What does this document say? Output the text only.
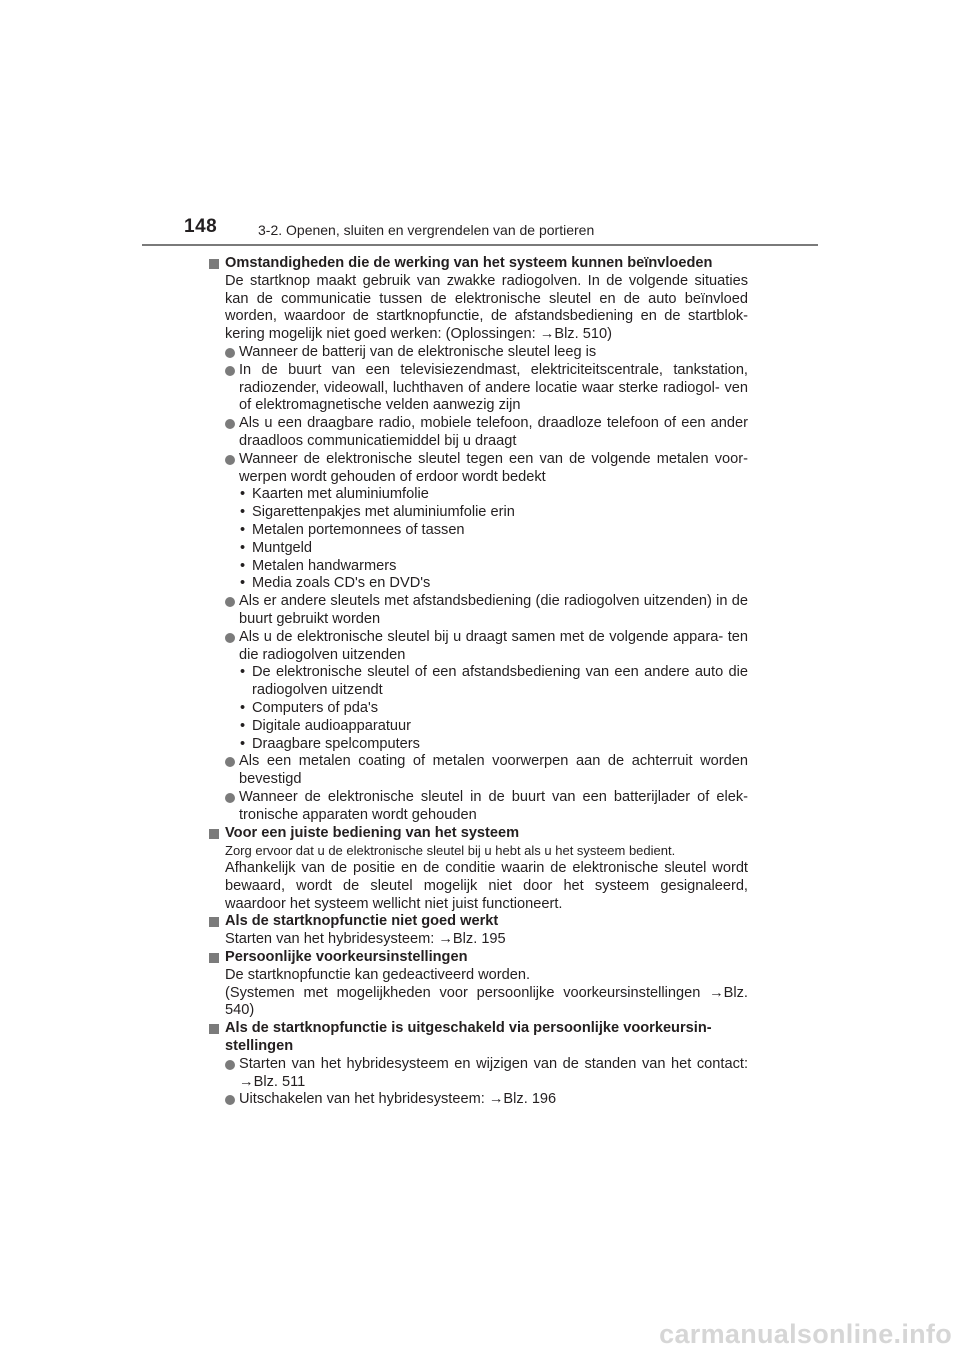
148	3-2. Openen, sluiten en vergrendelen van de portieren

Omstandigheden die de werking van het systeem kunnen beïnvloeden

De startknop maakt gebruik van zwakke radiogolven. In de volgende situaties kan de communicatie tussen de elektronische sleutel en de auto beïnvloed worden, waardoor de startknopfunctie, de afstandsbediening en de startblok- kering mogelijk niet goed werken: (Oplossingen: →Blz. 510)

Wanneer de batterij van de elektronische sleutel leeg is

In de buurt van een televisiezendmast, elektriciteitscentrale, tankstation, radiozender, videowall, luchthaven of andere locatie waar sterke radiogol- ven of elektromagnetische velden aanwezig zijn

Als u een draagbare radio, mobiele telefoon, draadloze telefoon of een ander draadloos communicatiemiddel bij u draagt

Wanneer de elektronische sleutel tegen een van de volgende metalen voor- werpen wordt gehouden of erdoor wordt bedekt

• Kaarten met aluminiumfolie

• Sigarettenpakjes met aluminiumfolie erin

• Metalen portemonnees of tassen

• Muntgeld

• Metalen handwarmers

• Media zoals CD's en DVD's

Als er andere sleutels met afstandsbediening (die radiogolven uitzenden) in de buurt gebruikt worden

Als u de elektronische sleutel bij u draagt samen met de volgende appara- ten die radiogolven uitzenden

• De elektronische sleutel of een afstandsbediening van een andere auto die radiogolven uitzendt

• Computers of pda's

• Digitale audioapparatuur

• Draagbare spelcomputers

Als een metalen coating of metalen voorwerpen aan de achterruit worden bevestigd

Wanneer de elektronische sleutel in de buurt van een batterijlader of elek- tronische apparaten wordt gehouden

Voor een juiste bediening van het systeem

Zorg ervoor dat u de elektronische sleutel bij u hebt als u het systeem bedient.

Afhankelijk van de positie en de conditie waarin de elektronische sleutel wordt bewaard, wordt de sleutel mogelijk niet door het systeem gesignaleerd, waardoor het systeem wellicht niet juist functioneert.

Als de startknopfunctie niet goed werkt

Starten van het hybridesysteem: →Blz. 195

Persoonlijke voorkeursinstellingen

De startknopfunctie kan gedeactiveerd worden.

(Systemen met mogelijkheden voor persoonlijke voorkeursinstellingen →Blz. 540)

Als de startknopfunctie is uitgeschakeld via persoonlijke voorkeursin- stellingen

Starten van het hybridesysteem en wijzigen van de standen van het contact: →Blz. 511

Uitschakelen van het hybridesysteem: →Blz. 196

carmanualsonline.info
